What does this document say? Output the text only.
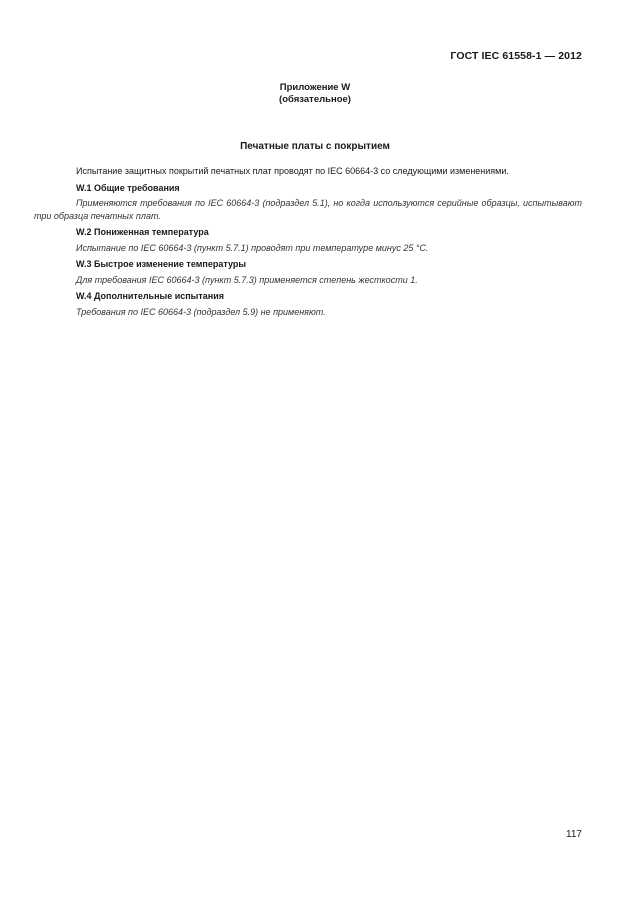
ГОСТ IEC 61558-1 — 2012
Приложение W
(обязательное)
Печатные платы с покрытием

Испытание защитных покрытий печатных плат проводят по IEC 60664-3 со следующими изменениями.

W.1 Общие требования

Применяются требования по IEC 60664-3 (подраздел 5.1), но когда используются серийные образцы, испытывают три образца печатных плат.

W.2 Пониженная температура

Испытание по IEC 60664-3 (пункт 5.7.1) проводят при температуре минус 25 °С.

W.3 Быстрое изменение температуры

Для требования IEC 60664-3 (пункт 5.7.3) применяется степень жесткости 1.

W.4 Дополнительные испытания

Требования по IEC 60664-3 (подраздел 5.9) не применяют.

117
